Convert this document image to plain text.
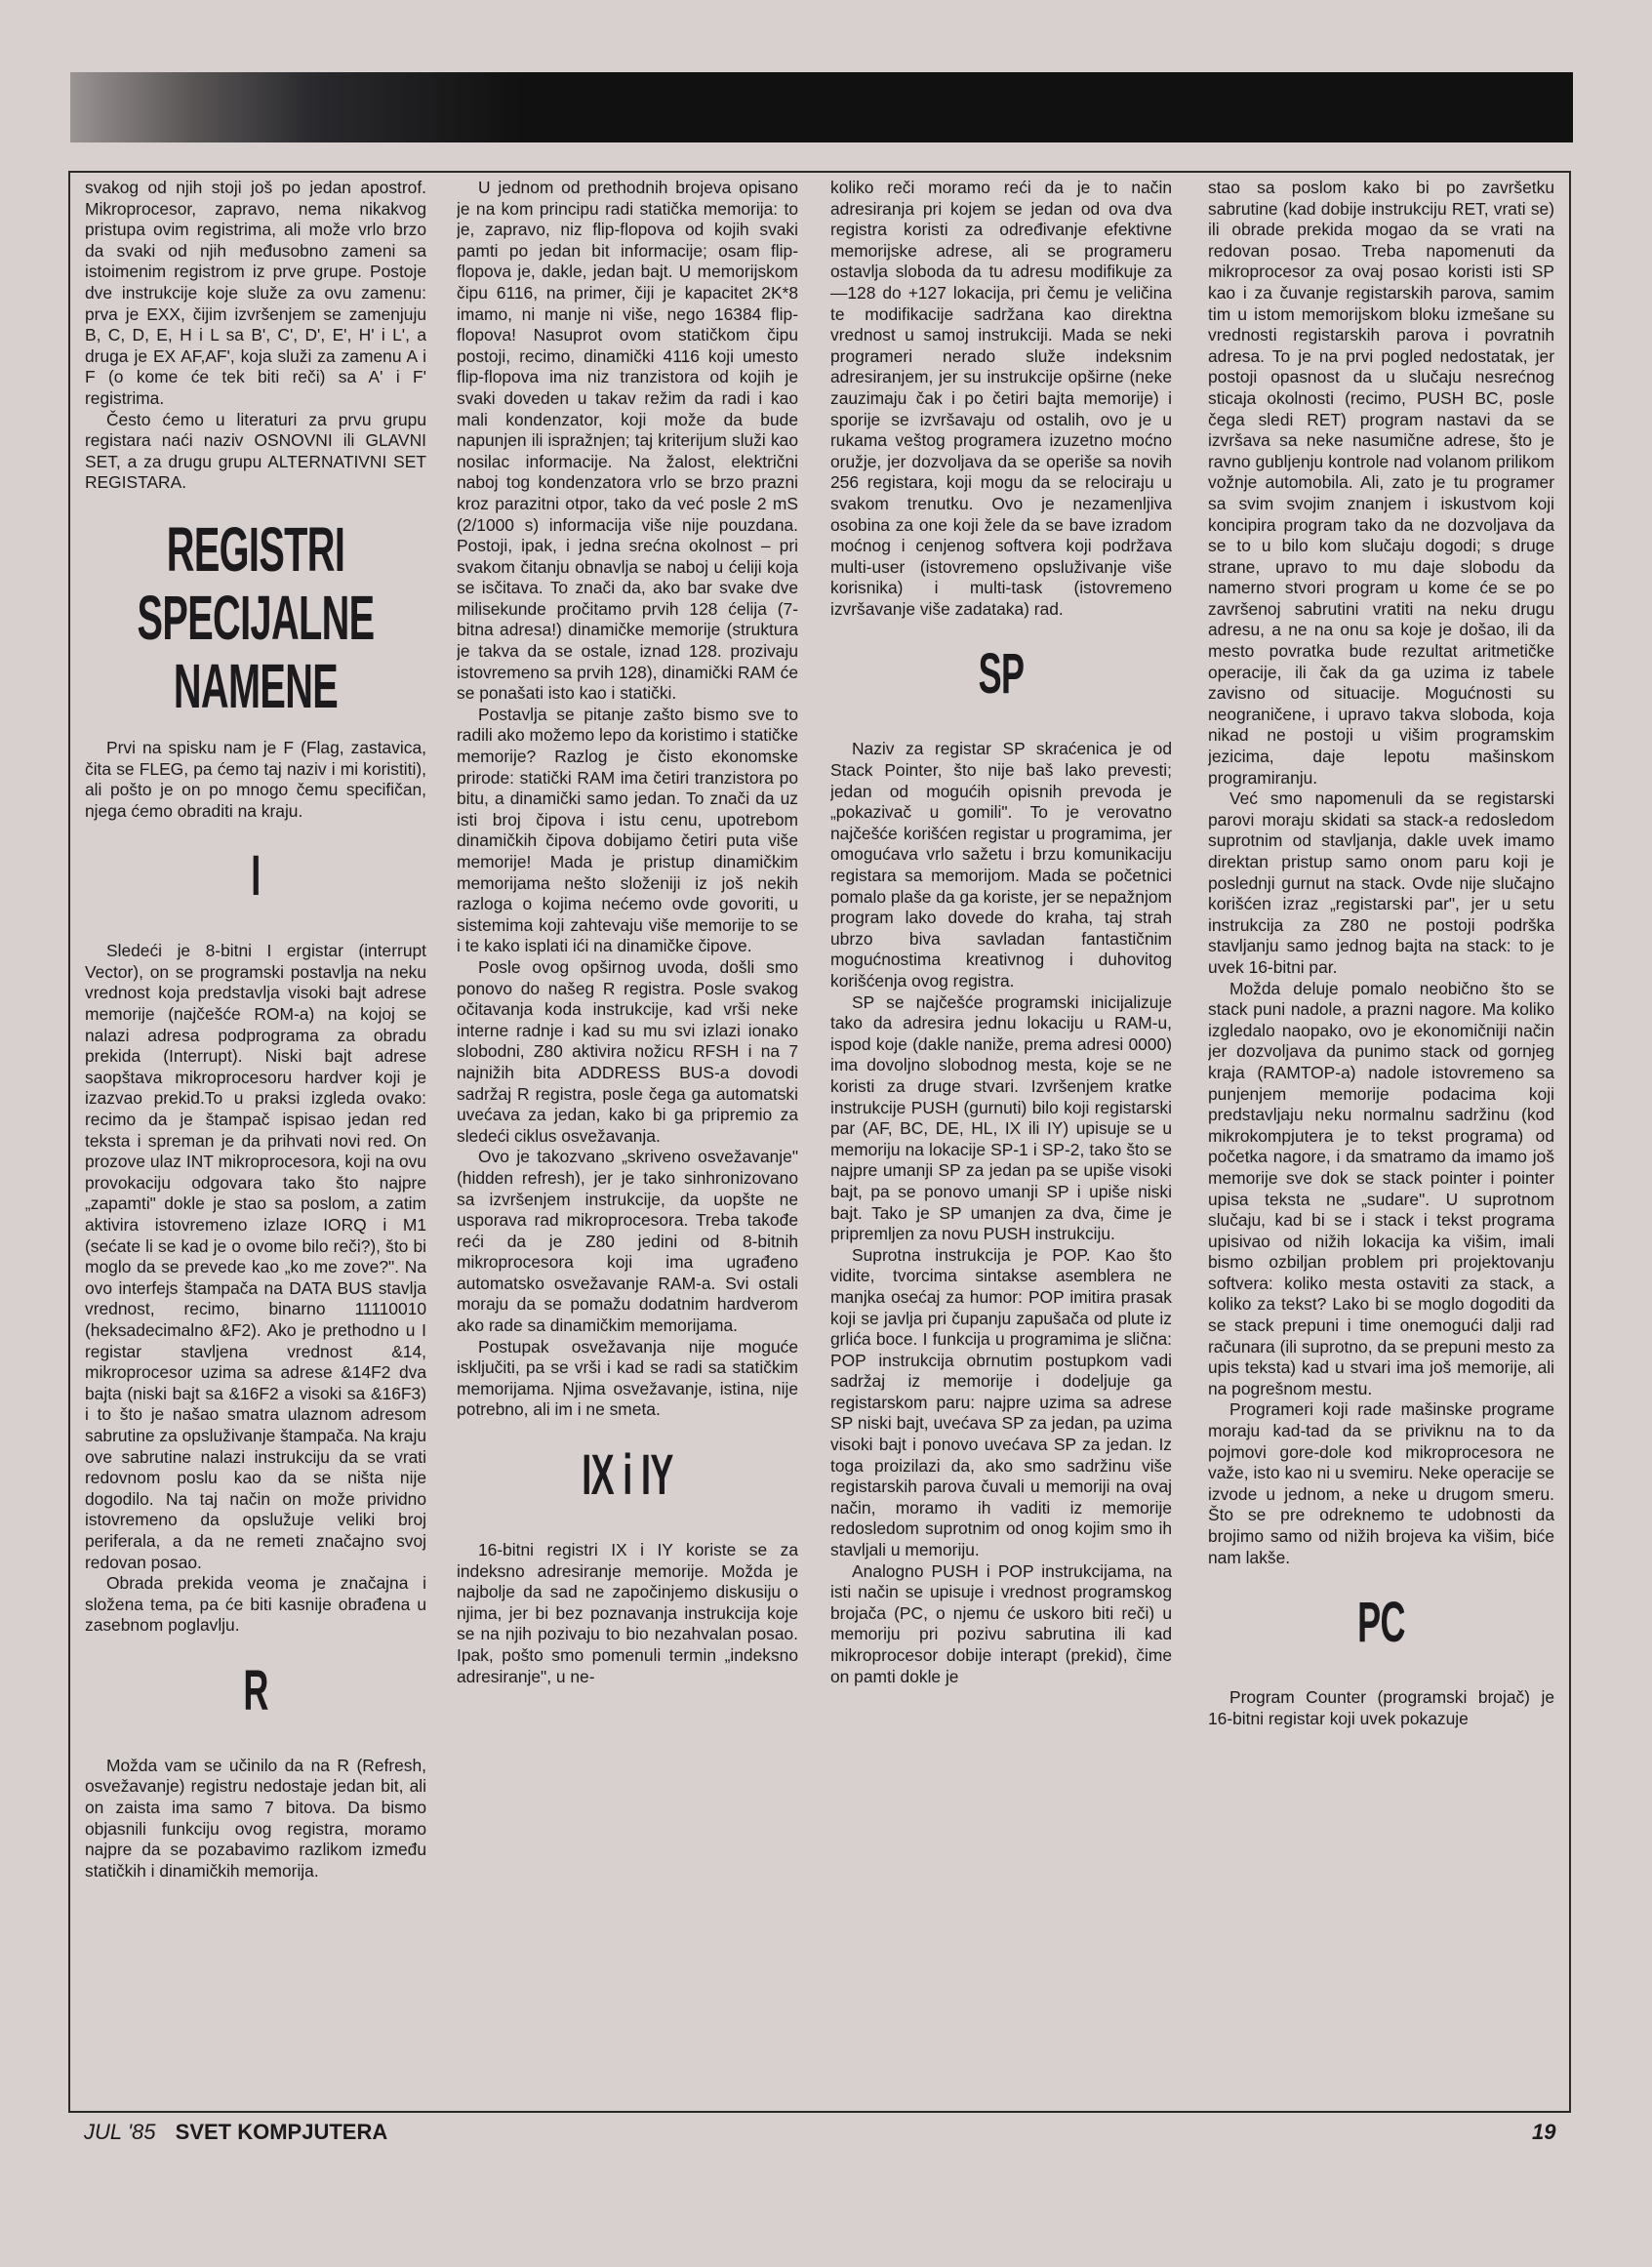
svakog od njih stoji još po jedan apostrof. Mikroprocesor, zapravo, nema nikakvog pristupa ovim registrima, ali može vrlo brzo da svaki od njih međusobno zameni sa istoimenim registrom iz prve grupe. Postoje dve instrukcije koje služe za ovu zamenu: prva je EXX, čijim izvršenjem se zamenjuju B, C, D, E, H i L sa B', C', D', E', H' i L', a druga je EX AF,AF', koja služi za zamenu A i F (o kome će tek biti reči) sa A' i F' registrima.

Često ćemo u literaturi za prvu grupu registara naći naziv OSNOVNI ili GLAVNI SET, a za drugu grupu ALTERNATIVNI SET REGISTARA.

REGISTRI SPECIJALNE NAMENE

Prvi na spisku nam je F (Flag, zastavica, čita se FLEG, pa ćemo taj naziv i mi koristiti), ali pošto je on po mnogo čemu specifičan, njega ćemo obraditi na kraju.

I

Sledeći je 8-bitni I ergistar (interrupt Vector), on se programski postavlja na neku vrednost koja predstavlja visoki bajt adrese memorije (najčešće ROM-a) na kojoj se nalazi adresa podprograma za obradu prekida (Interrupt). Niski bajt adrese saopštava mikroprocesoru hardver koji je izazvao prekid.To u praksi izgleda ovako: recimo da je štampač ispisao jedan red teksta i spreman je da prihvati novi red. On prozove ulaz INT mikroprocesora, koji na ovu provokaciju odgovara tako što najpre „zapamti" dokle je stao sa poslom, a zatim aktivira istovremeno izlaze IORQ i M1 (sećate li se kad je o ovome bilo reči?), što bi moglo da se prevede kao „ko me zove?". Na ovo interfejs štampača na DATA BUS stavlja vrednost, recimo, binarno 11110010 (heksadecimalno &F2). Ako je prethodno u I registar stavljena vrednost &14, mikroprocesor uzima sa adrese &14F2 dva bajta (niski bajt sa &16F2 a visoki sa &16F3) i to što je našao smatra ulaznom adresom sabrutine za opsluživanje štampača. Na kraju ove sabrutine nalazi instrukciju da se vrati redovnom poslu kao da se ništa nije dogodilo. Na taj način on može prividno istovremeno da opslužuje veliki broj periferala, a da ne remeti značajno svoj redovan posao.

Obrada prekida veoma je značajna i složena tema, pa će biti kasnije obrađena u zasebnom poglavlju.

R

Možda vam se učinilo da na R (Refresh, osvežavanje) registru nedostaje jedan bit, ali on zaista ima samo 7 bitova. Da bismo objasnili funkciju ovog registra, moramo najpre da se pozabavimo razlikom između statičkih i dinamičkih memorija.

U jednom od prethodnih brojeva opisano je na kom principu radi statička memorija: to je, zapravo, niz flip-flopova od kojih svaki pamti po jedan bit informacije; osam flip-flopova je, dakle, jedan bajt. U memorijskom čipu 6116, na primer, čiji je kapacitet 2K*8 imamo, ni manje ni više, nego 16384 flip-flopova! Nasuprot ovom statičkom čipu postoji, recimo, dinamički 4116 koji umesto flip-flopova ima niz tranzistora od kojih je svaki doveden u takav režim da radi i kao mali kondenzator, koji može da bude napunjen ili ispražnjen; taj kriterijum služi kao nosilac informacije. Na žalost, električni naboj tog kondenzatora vrlo se brzo prazni kroz parazitni otpor, tako da već posle 2 mS (2/1000 s) informacija više nije pouzdana. Postoji, ipak, i jedna srećna okolnost – pri svakom čitanju obnavlja se naboj u ćeliji koja se isčitava. To znači da, ako bar svake dve milisekunde pročitamo prvih 128 ćelija (7-bitna adresa!) dinamičke memorije (struktura je takva da se ostale, iznad 128. prozivaju istovremeno sa prvih 128), dinamički RAM će se ponašati isto kao i statički.

Postavlja se pitanje zašto bismo sve to radili ako možemo lepo da koristimo i statičke memorije? Razlog je čisto ekonomske prirode: statički RAM ima četiri tranzistora po bitu, a dinamički samo jedan. To znači da uz isti broj čipova i istu cenu, upotrebom dinamičkih čipova dobijamo četiri puta više memorije! Mada je pristup dinamičkim memorijama nešto složeniji iz još nekih razloga o kojima nećemo ovde govoriti, u sistemima koji zahtevaju više memorije to se i te kako isplati ići na dinamičke čipove.

Posle ovog opširnog uvoda, došli smo ponovo do našeg R registra. Posle svakog očitavanja koda instrukcije, kad vrši neke interne radnje i kad su mu svi izlazi ionako slobodni, Z80 aktivira nožicu RFSH i na 7 najnižih bita ADDRESS BUS-a dovodi sadržaj R registra, posle čega ga automatski uvećava za jedan, kako bi ga pripremio za sledeći ciklus osvežavanja.

Ovo je takozvano „skriveno osvežavanje" (hidden refresh), jer je tako sinhronizovano sa izvršenjem instrukcije, da uopšte ne usporava rad mikroprocesora. Treba takođe reći da je Z80 jedini od 8-bitnih mikroprocesora koji ima ugrađeno automatsko osvežavanje RAM-a. Svi ostali moraju da se pomažu dodatnim hardverom ako rade sa dinamičkim memorijama.

Postupak osvežavanja nije moguće isključiti, pa se vrši i kad se radi sa statičkim memorijama. Njima osvežavanje, istina, nije potrebno, ali im i ne smeta.

IX i IY

16-bitni registri IX i IY koriste se za indeksno adresiranje memorije. Možda je najbolje da sad ne započinjemo diskusiju o njima, jer bi bez poznavanja instrukcija koje se na njih pozivaju to bio nezahvalan posao. Ipak, pošto smo pomenuli termin „indeksno adresiranje", u ne-

koliko reči moramo reći da je to način adresiranja pri kojem se jedan od ova dva registra koristi za određivanje efektivne memorijske adrese, ali se programeru ostavlja sloboda da tu adresu modifikuje za —128 do +127 lokacija, pri čemu je veličina te modifikacije sadržana kao direktna vrednost u samoj instrukciji. Mada se neki programeri nerado služe indeksnim adresiranjem, jer su instrukcije opširne (neke zauzimaju čak i po četiri bajta memorije) i sporije se izvršavaju od ostalih, ovo je u rukama veštog programera izuzetno moćno oružje, jer dozvoljava da se operiše sa novih 256 registara, koji mogu da se relociraju u svakom trenutku. Ovo je nezamenljiva osobina za one koji žele da se bave izradom moćnog i cenjenog softvera koji podržava multi-user (istovremeno opsluživanje više korisnika) i multi-task (istovremeno izvršavanje više zadataka) rad.

SP

Naziv za registar SP skraćenica je od Stack Pointer, što nije baš lako prevesti; jedan od mogućih opisnih prevoda je „pokazivač u gomili". To je verovatno najčešće korišćen registar u programima, jer omogućava vrlo sažetu i brzu komunikaciju registara sa memorijom. Mada se početnici pomalo plaše da ga koriste, jer se nepažnjom program lako dovede do kraha, taj strah ubrzo biva savladan fantastičnim mogućnostima kreativnog i duhovitog korišćenja ovog registra.

SP se najčešće programski inicijalizuje tako da adresira jednu lokaciju u RAM-u, ispod koje (dakle naniže, prema adresi 0000) ima dovoljno slobodnog mesta, koje se ne koristi za druge stvari. Izvršenjem kratke instrukcije PUSH (gurnuti) bilo koji registarski par (AF, BC, DE, HL, IX ili IY) upisuje se u memoriju na lokacije SP-1 i SP-2, tako što se najpre umanji SP za jedan pa se upiše visoki bajt, pa se ponovo umanji SP i upiše niski bajt. Tako je SP umanjen za dva, čime je pripremljen za novu PUSH instrukciju.

Suprotna instrukcija je POP. Kao što vidite, tvorcima sintakse asemblera ne manjka osećaj za humor: POP imitira prasak koji se javlja pri čupanju zapušača od plute iz grlića boce. I funkcija u programima je slična: POP instrukcija obrnutim postupkom vadi sadržaj iz memorije i dodeljuje ga registarskom paru: najpre uzima sa adrese SP niski bajt, uvećava SP za jedan, pa uzima visoki bajt i ponovo uvećava SP za jedan. Iz toga proizilazi da, ako smo sadržinu više registarskih parova čuvali u memoriji na ovaj način, moramo ih vaditi iz memorije redosledom suprotnim od onog kojim smo ih stavljali u memoriju.

Analogno PUSH i POP instrukcijama, na isti način se upisuje i vrednost programskog brojača (PC, o njemu će uskoro biti reči) u memoriju pri pozivu sabrutina ili kad mikroprocesor dobije interapt (prekid), čime on pamti dokle je

stao sa poslom kako bi po završetku sabrutine (kad dobije instrukciju RET, vrati se) ili obrade prekida mogao da se vrati na redovan posao. Treba napomenuti da mikroprocesor za ovaj posao koristi isti SP kao i za čuvanje registarskih parova, samim tim u istom memorijskom bloku izmešane su vrednosti registarskih parova i povratnih adresa. To je na prvi pogled nedostatak, jer postoji opasnost da u slučaju nesrećnog sticaja okolnosti (recimo, PUSH BC, posle čega sledi RET) program nastavi da se izvršava sa neke nasumične adrese, što je ravno gubljenju kontrole nad volanom prilikom vožnje automobila. Ali, zato je tu programer sa svim svojim znanjem i iskustvom koji koncipira program tako da ne dozvoljava da se to u bilo kom slučaju dogodi; s druge strane, upravo to mu daje slobodu da namerno stvori program u kome će se po završenoj sabrutini vratiti na neku drugu adresu, a ne na onu sa koje je došao, ili da mesto povratka bude rezultat aritmetičke operacije, ili čak da ga uzima iz tabele zavisno od situacije. Mogućnosti su neograničene, i upravo takva sloboda, koja nikad ne postoji u višim programskim jezicima, daje lepotu mašinskom programiranju.

Već smo napomenuli da se registarski parovi moraju skidati sa stack-a redosledom suprotnim od stavljanja, dakle uvek imamo direktan pristup samo onom paru koji je poslednji gurnut na stack. Ovde nije slučajno korišćen izraz „registarski par", jer u setu instrukcija za Z80 ne postoji podrška stavljanju samo jednog bajta na stack: to je uvek 16-bitni par.

Možda deluje pomalo neobično što se stack puni nadole, a prazni nagore. Ma koliko izgledalo naopako, ovo je ekonomičniji način jer dozvoljava da punimo stack od gornjeg kraja (RAMTOP-a) nadole istovremeno sa punjenjem memorije podacima koji predstavljaju neku normalnu sadržinu (kod mikrokompjutera je to tekst programa) od početka nagore, i da smatramo da imamo još memorije sve dok se stack pointer i pointer upisa teksta ne „sudare". U suprotnom slučaju, kad bi se i stack i tekst programa upisivao od nižih lokacija ka višim, imali bismo ozbiljan problem pri projektovanju softvera: koliko mesta ostaviti za stack, a koliko za tekst? Lako bi se moglo dogoditi da se stack prepuni i time onemogući dalji rad računara (ili suprotno, da se prepuni mesto za upis teksta) kad u stvari ima još memorije, ali na pogrešnom mestu.

Programeri koji rade mašinske programe moraju kad-tad da se priviknu na to da pojmovi gore-dole kod mikroprocesora ne važe, isto kao ni u svemiru. Neke operacije se izvode u jednom, a neke u drugom smeru. Što se pre odreknemo te udobnosti da brojimo samo od nižih brojeva ka višim, biće nam lakše.

PC

Program Counter (programski brojač) je 16-bitni registar koji uvek pokazuje

JUL '85 SVET KOMPJUTERA	19
